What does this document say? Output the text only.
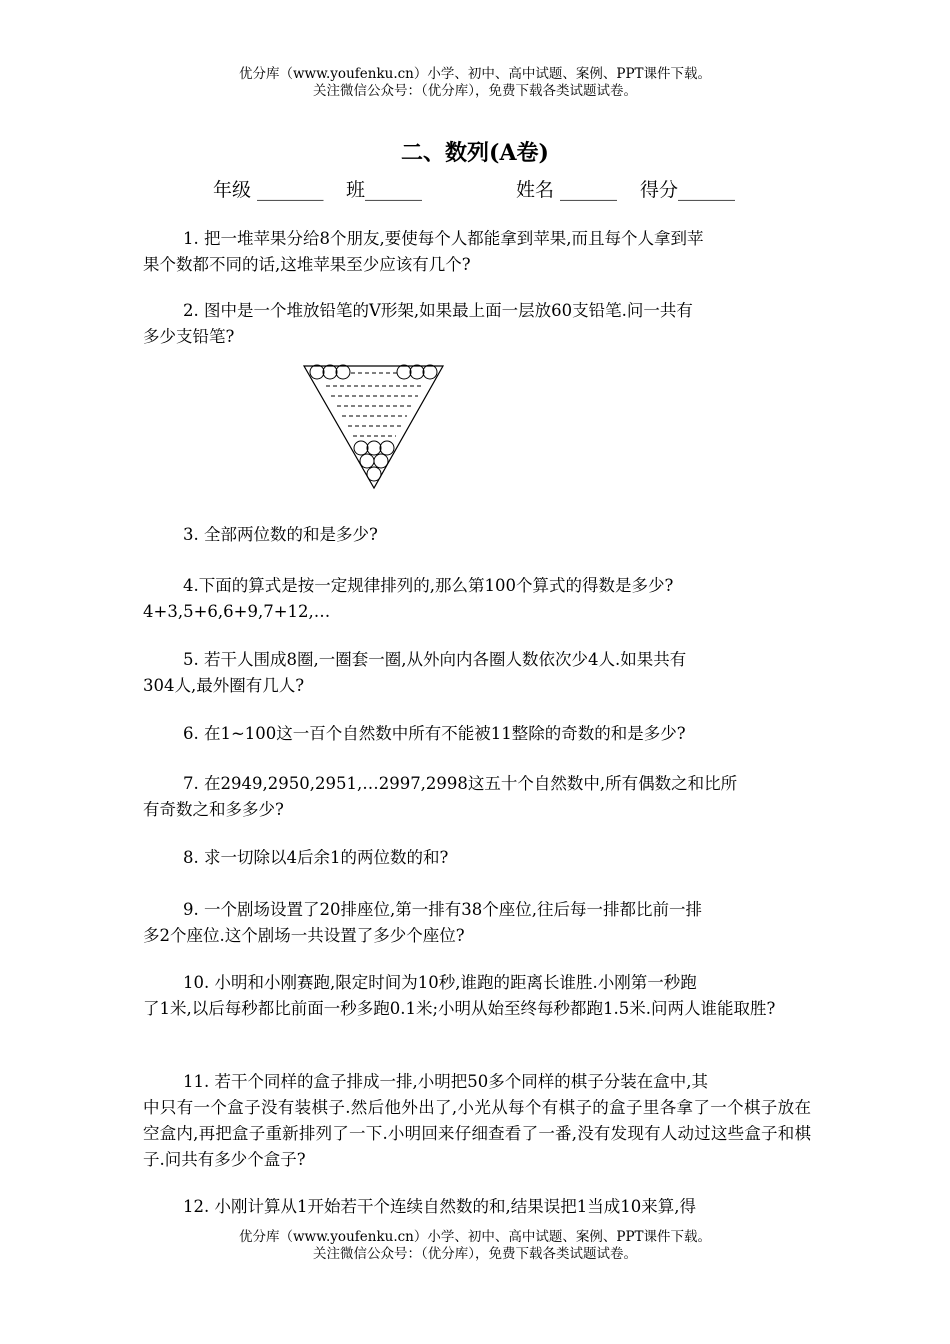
优分库（www.youfenku.cn）小学、初中、高中试题、案例、PPT课件下载。
关注微信公众号：（优分库），免费下载各类试题试卷。
二、数列(A卷)
年级 _______ 班______	姓名 ______ 得分______

1. 把一堆苹果分给8个朋友,要使每个人都能拿到苹果,而且每个人拿到苹

果个数都不同的话,这堆苹果至少应该有几个?

2. 图中是一个堆放铅笔的V形架,如果最上面一层放60支铅笔.问一共有

多少支铅笔?

3. 全部两位数的和是多少?

4.下面的算式是按一定规律排列的,那么第100个算式的得数是多少?

4+3,5+6,6+9,7+12,…

5. 若干人围成8圈,一圈套一圈,从外向内各圈人数依次少4人.如果共有

304人,最外圈有几人?

6. 在1~100这一百个自然数中所有不能被11整除的奇数的和是多少?

7. 在2949,2950,2951,…2997,2998这五十个自然数中,所有偶数之和比所

有奇数之和多多少?

8. 求一切除以4后余1的两位数的和?

9. 一个剧场设置了20排座位,第一排有38个座位,往后每一排都比前一排

多2个座位.这个剧场一共设置了多少个座位?

10. 小明和小刚赛跑,限定时间为10秒,谁跑的距离长谁胜.小刚第一秒跑

了1米,以后每秒都比前面一秒多跑0.1米;小明从始至终每秒都跑1.5米.问两人谁能取胜?

11. 若干个同样的盒子排成一排,小明把50多个同样的棋子分装在盒中,其

中只有一个盒子没有装棋子.然后他外出了,小光从每个有棋子的盒子里各拿了一个棋子放在空盒内,再把盒子重新排列了一下.小明回来仔细查看了一番,没有发现有人动过这些盒子和棋子.问共有多少个盒子?

12. 小刚计算从1开始若干个连续自然数的和,结果误把1当成10来算,得

优分库（www.youfenku.cn）小学、初中、高中试题、案例、PPT课件下载。
关注微信公众号：（优分库），免费下载各类试题试卷。
